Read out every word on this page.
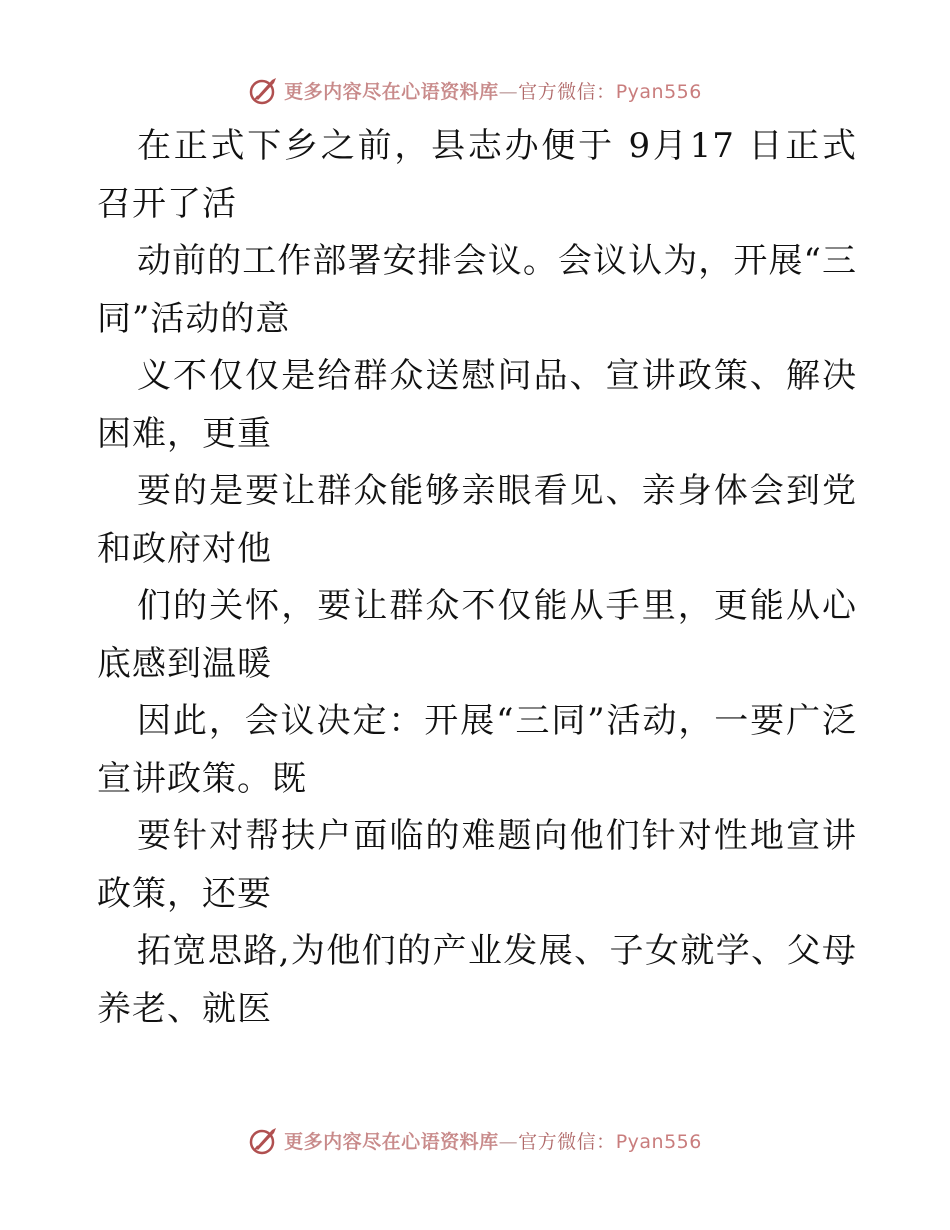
更多内容尽在心语资料库—官方微信：Pyan556

在正式下乡之前，县志办便于 9月17 日正式召开了活

动前的工作部署安排会议。会议认为，开展“三同”活动的意

义不仅仅是给群众送慰问品、宣讲政策、解决困难，更重

要的是要让群众能够亲眼看见、亲身体会到党和政府对他

们的关怀，要让群众不仅能从手里，更能从心底感到温暖

因此，会议决定：开展“三同”活动，一要广泛宣讲政策。既

要针对帮扶户面临的难题向他们针对性地宣讲政策，还要

拓宽思路,为他们的产业发展、子女就学、父母养老、就医

更多内容尽在心语资料库—官方微信：Pyan556
